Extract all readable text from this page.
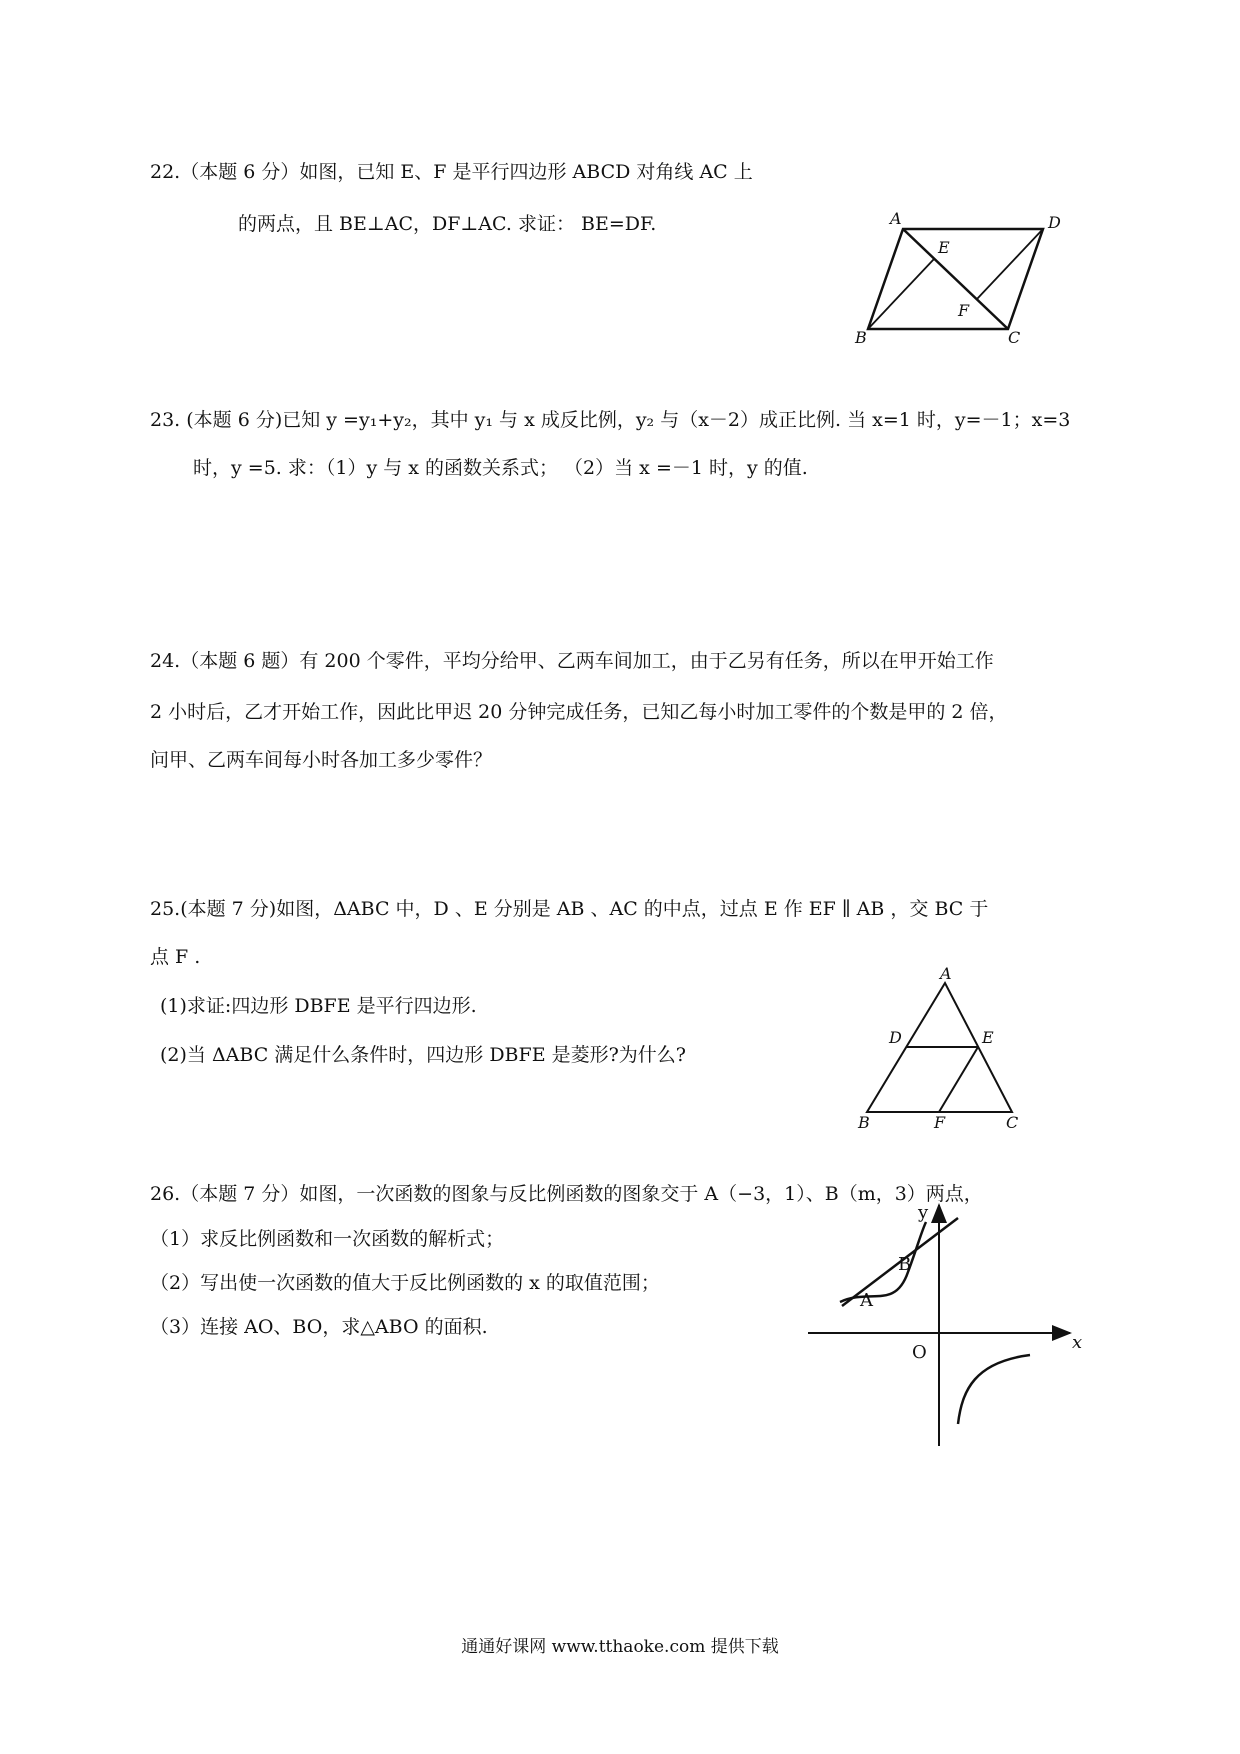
22.（本题 6 分）如图，已知 E、F 是平行四边形 ABCD 对角线 AC 上
的两点，且 BE⊥AC，DF⊥AC. 求证： BE=DF.	A	D
E
F
B	C
23. (本题 6 分)已知 y =y₁+y₂，其中 y₁ 与 x 成反比例，y₂ 与（x－2）成正比例. 当 x=1 时，y=－1；x=3
时，y =5. 求：（1）y 与 x 的函数关系式； （2）当 x =－1 时，y 的值.
24.（本题 6 题）有 200 个零件，平均分给甲、乙两车间加工，由于乙另有任务，所以在甲开始工作
2 小时后，乙才开始工作，因此比甲迟 20 分钟完成任务，已知乙每小时加工零件的个数是甲的 2 倍，
问甲、乙两车间每小时各加工多少零件？
25.(本题 7 分)如图，ΔABC 中，D 、E 分别是 AB 、AC 的中点，过点 E 作 EF ∥ AB ，交 BC 于
点 F .
(1)求证:四边形 DBFE 是平行四边形.
(2)当 ΔABC 满足什么条件时，四边形 DBFE 是菱形?为什么?
A
D	E
B	F	C
26.（本题 7 分）如图，一次函数的图象与反比例函数的图象交于 A（−3，1）、B（m，3）两点，
（1）求反比例函数和一次函数的解析式；
（2）写出使一次函数的值大于反比例函数的 x 的取值范围；
（3）连接 AO、BO，求△ABO 的面积.
y
x
O
A
B
通通好课网 www.tthaoke.com 提供下载
